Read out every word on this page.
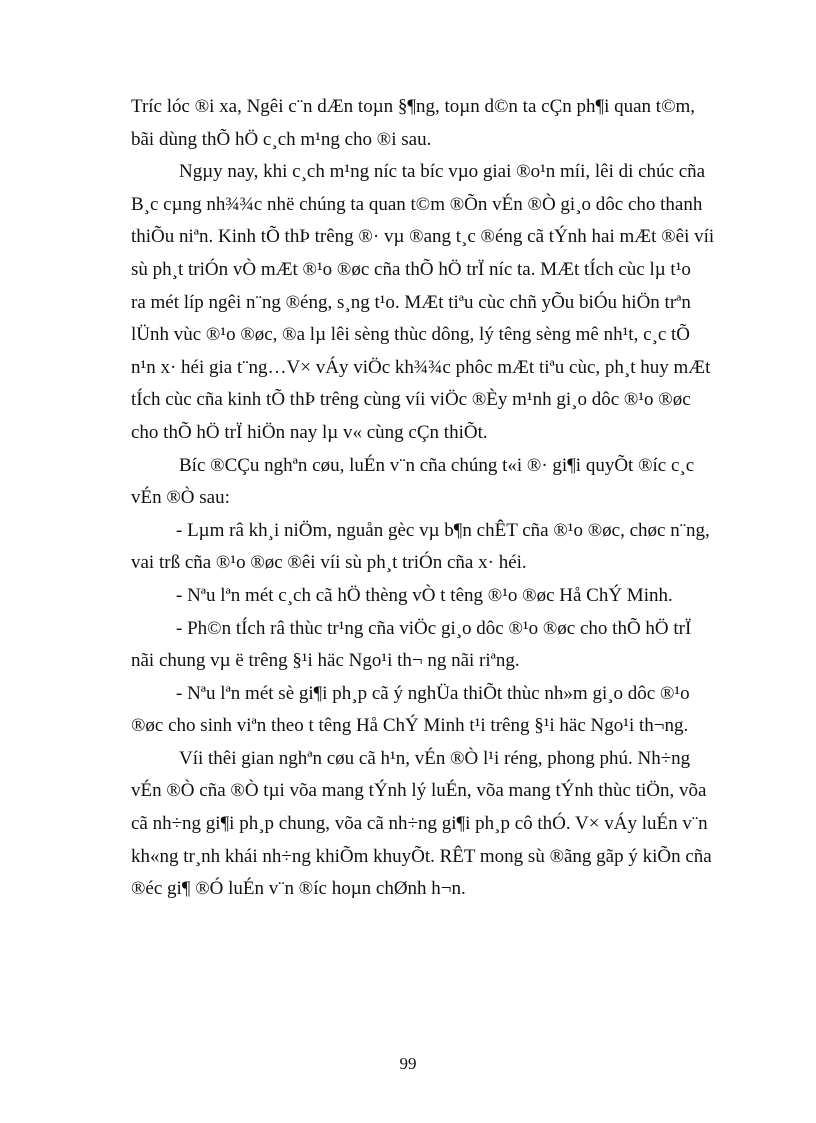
Tríc lóc ®i xa, Ngêi c¨n dÆn toµn §¶ng, toµn d©n ta cÇn ph¶i quan t©m,
bãi dùng thÕ hÖ c¸ch m¹ng cho ®i sau.
Ngµy nay, khi c¸ch m¹ng níc ta bíc vµo giai ®o¹n míi, lêi di chúc cña
B¸c cµng nh¾¾c nhë chúng ta quan t©m ®Õn vÉn ®Ò gi¸o dôc cho thanh
thiÕu niªn. Kinh tÕ thÞ trêng ®· vµ ®ang t¸c ®éng cã tÝnh hai mÆt ®êi víi
sù ph¸t triÓn vÒ mÆt ®¹o ®øc cña thÕ hÖ trÏ níc ta. MÆt tÍch cùc lµ t¹o
ra mét líp ngêi n¨ng ®éng, s¸ng t¹o. MÆt tiªu cùc chñ yÕu biÓu hiÖn trªn
lÜnh vùc ®¹o ®øc, ®a lµ lêi sèng thùc dông, lý têng sèng mê nh¹t, c¸c tÕ
n¹n x· héi gia t¨ng…V× vÁy viÖc kh¾¾c phôc mÆt tiªu cùc, ph¸t huy mÆt
tÍch cùc cña kinh tÕ thÞ trêng cùng víi viÖc ®Èy m¹nh gi¸o dôc ®¹o ®øc
cho thÕ hÖ trÏ hiÖn nay lµ v« cùng cÇn thiÕt.
Bíc ®CÇu nghªn cøu, luÉn v¨n cña chúng t«i ®· gi¶i quyÕt ®íc c¸c
vÉn ®Ò sau:
- Lµm râ kh¸i niÖm, nguån gèc vµ b¶n chÊT cña ®¹o ®øc, chøc n¨ng,
vai trß cña ®¹o ®øc ®êi víi sù ph¸t triÓn cña x· héi.
- Nªu lªn mét c¸ch cã hÖ thèng vÒ t têng ®¹o ®øc Hå ChÝ Minh.
- Ph©n tÍch râ thùc tr¹ng cña viÖc gi¸o dôc ®¹o ®øc cho thÕ hÖ trÏ
nãi chung vµ ë trêng §¹i häc Ngo¹i th¬ ng nãi riªng.
- Nªu lªn mét sè gi¶i ph¸p cã ý nghÜa thiÕt thùc nh»m gi¸o dôc ®¹o
®øc cho sinh viªn theo t têng Hå ChÝ Minh t¹i trêng §¹i häc Ngo¹i th¬ng.
Víi thêi gian nghªn cøu cã h¹n, vÉn ®Ò l¹i réng, phong phú. Nh÷ng
vÉn ®Ò cña ®Ò tµi võa mang tÝnh lý luÉn, võa mang tÝnh thùc tiÖn, võa
cã nh÷ng gi¶i ph¸p chung, võa cã nh÷ng gi¶i ph¸p cô thÓ. V× vÁy luÉn v¨n
kh«ng tr¸nh khái nh÷ng khiÕm khuyÕt. RÊT mong sù ®ãng gãp ý kiÕn cña
®éc gi¶ ®Ó luÉn v¨n ®íc hoµn chØnh h¬n.
99
